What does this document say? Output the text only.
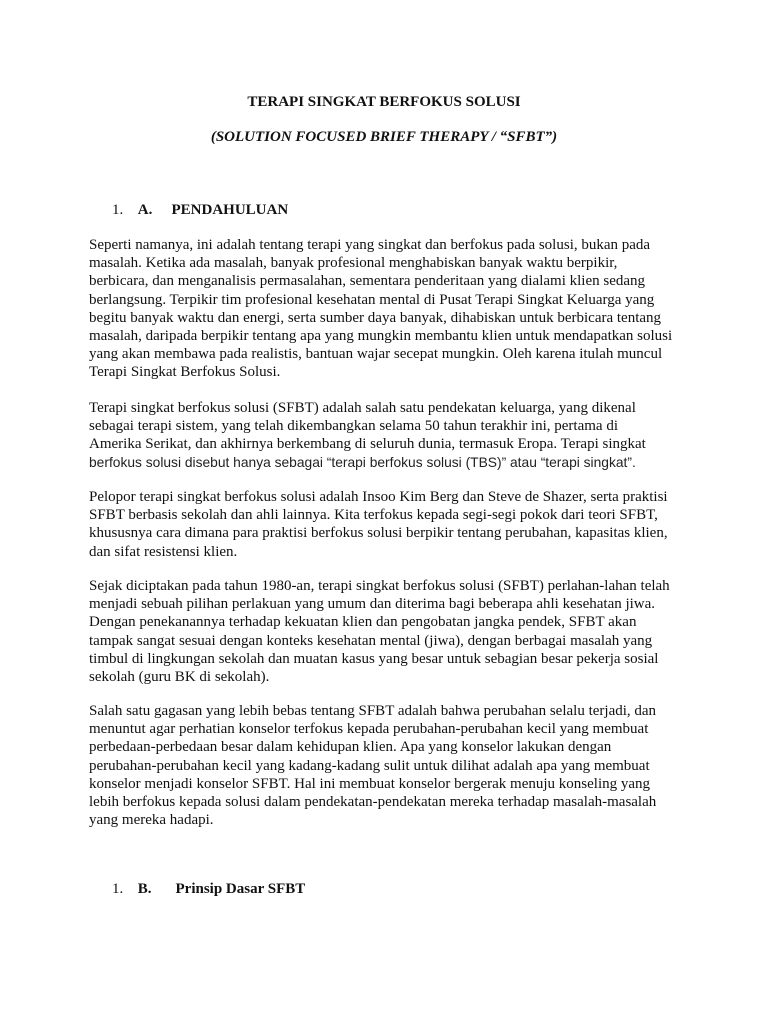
TERAPI SINGKAT BERFOKUS SOLUSI
(SOLUTION FOCUSED BRIEF THERAPY / “SFBT”)
1. A. PENDAHULUAN

Seperti namanya, ini adalah tentang terapi yang singkat dan berfokus pada solusi, bukan pada
masalah. Ketika ada masalah, banyak profesional menghabiskan banyak waktu berpikir,
berbicara, dan menganalisis permasalahan, sementara penderitaan yang dialami klien sedang
berlangsung. Terpikir tim profesional kesehatan mental di Pusat Terapi Singkat Keluarga yang
begitu banyak waktu dan energi, serta sumber daya banyak, dihabiskan untuk berbicara tentang
masalah, daripada berpikir tentang apa yang mungkin membantu klien untuk mendapatkan solusi
yang akan membawa pada realistis, bantuan wajar secepat mungkin. Oleh karena itulah muncul
Terapi Singkat Berfokus Solusi.

Terapi singkat berfokus solusi (SFBT) adalah salah satu pendekatan keluarga, yang dikenal
sebagai terapi sistem, yang telah dikembangkan selama 50 tahun terakhir ini, pertama di
Amerika Serikat, dan akhirnya berkembang di seluruh dunia, termasuk Eropa. Terapi singkat
berfokus solusi disebut hanya sebagai “terapi berfokus solusi (TBS)” atau “terapi singkat”.

Pelopor terapi singkat berfokus solusi adalah Insoo Kim Berg dan Steve de Shazer, serta praktisi
SFBT berbasis sekolah dan ahli lainnya. Kita terfokus kepada segi-segi pokok dari teori SFBT,
khususnya cara dimana para praktisi berfokus solusi berpikir tentang perubahan, kapasitas klien,
dan sifat resistensi klien.

Sejak diciptakan pada tahun 1980-an, terapi singkat berfokus solusi (SFBT) perlahan-lahan telah
menjadi sebuah pilihan perlakuan yang umum dan diterima bagi beberapa ahli kesehatan jiwa.
Dengan penekanannya terhadap kekuatan klien dan pengobatan jangka pendek, SFBT akan
tampak sangat sesuai dengan konteks kesehatan mental (jiwa), dengan berbagai masalah yang
timbul di lingkungan sekolah dan muatan kasus yang besar untuk sebagian besar pekerja sosial
sekolah (guru BK di sekolah).

Salah satu gagasan yang lebih bebas tentang SFBT adalah bahwa perubahan selalu terjadi, dan
menuntut agar perhatian konselor terfokus kepada perubahan-perubahan kecil yang membuat
perbedaan-perbedaan besar dalam kehidupan klien. Apa yang konselor lakukan dengan
perubahan-perubahan kecil yang kadang-kadang sulit untuk dilihat adalah apa yang membuat
konselor menjadi konselor SFBT. Hal ini membuat konselor bergerak menuju konseling yang
lebih berfokus kepada solusi dalam pendekatan-pendekatan mereka terhadap masalah-masalah
yang mereka hadapi.

1. B. Prinsip Dasar SFBT
